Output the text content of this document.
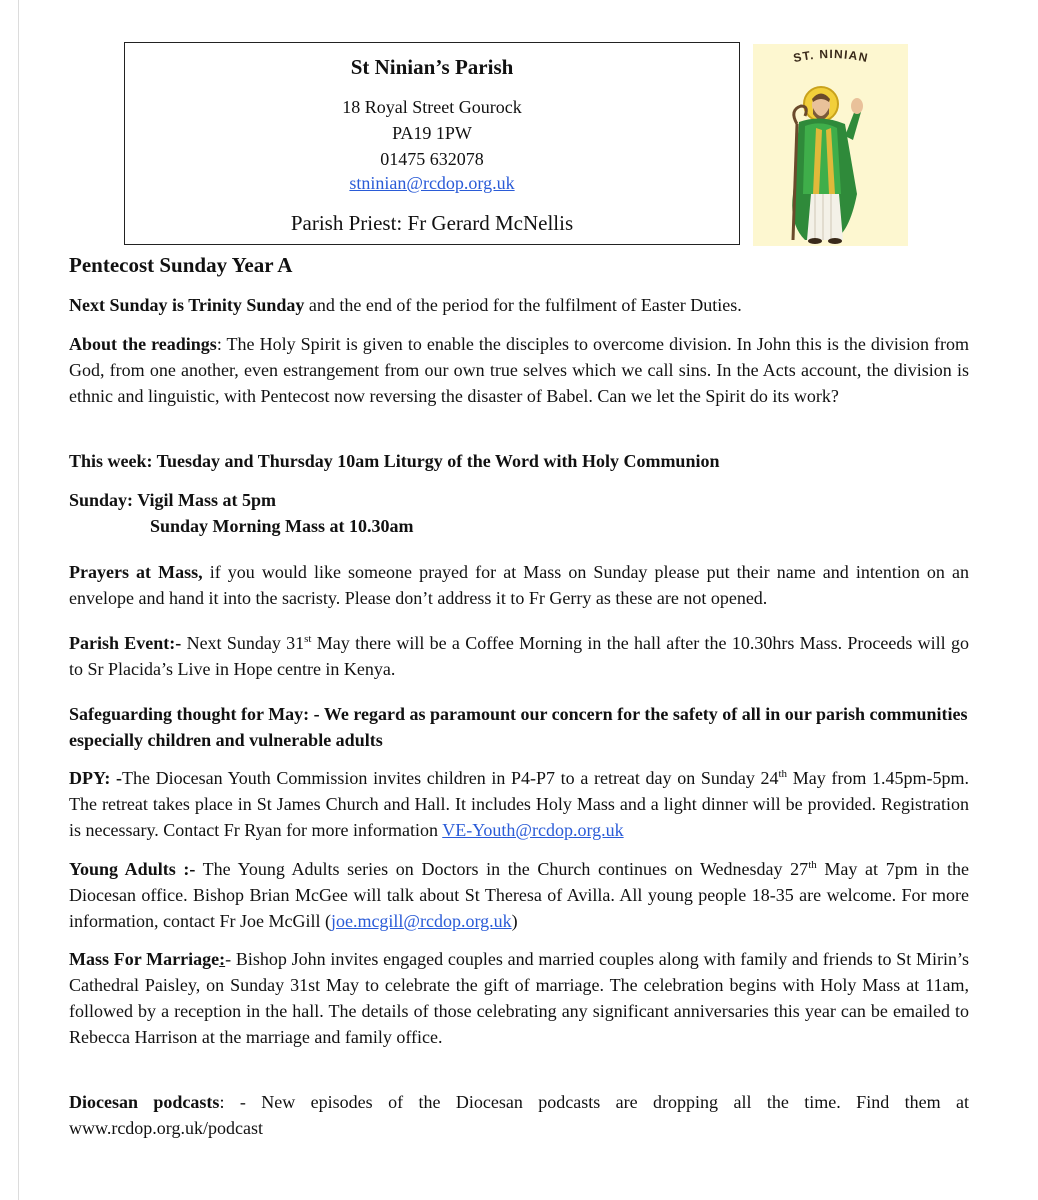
St Ninian’s Parish
18 Royal Street Gourock
PA19 1PW
01475 632078
stninian@rcdop.org.uk
Parish Priest: Fr Gerard McNellis
ST. NINIAN
Pentecost Sunday Year A
Next Sunday is Trinity Sunday and the end of the period for the fulfilment of Easter Duties.
About the readings: The Holy Spirit is given to enable the disciples to overcome division. In John this is the division from God, from one another, even estrangement from our own true selves which we call sins. In the Acts account, the division is ethnic and linguistic, with Pentecost now reversing the disaster of Babel. Can we let the Spirit do its work?
This week: Tuesday and Thursday 10am Liturgy of the Word with Holy Communion
Sunday: Vigil Mass at 5pm
Sunday Morning Mass at 10.30am
Prayers at Mass, if you would like someone prayed for at Mass on Sunday please put their name and intention on an envelope and hand it into the sacristy. Please don’t address it to Fr Gerry as these are not opened.
Parish Event:- Next Sunday 31st May there will be a Coffee Morning in the hall after the 10.30hrs Mass. Proceeds will go to Sr Placida’s Live in Hope centre in Kenya.
Safeguarding thought for May: - We regard as paramount our concern for the safety of all in our parish communities especially children and vulnerable adults
DPY: -The Diocesan Youth Commission invites children in P4-P7 to a retreat day on Sunday 24th May from 1.45pm-5pm. The retreat takes place in St James Church and Hall. It includes Holy Mass and a light dinner will be provided. Registration is necessary. Contact Fr Ryan for more information VE-Youth@rcdop.org.uk
Young Adults :- The Young Adults series on Doctors in the Church continues on Wednesday 27th May at 7pm in the Diocesan office. Bishop Brian McGee will talk about St Theresa of Avilla. All young people 18-35 are welcome. For more information, contact Fr Joe McGill (joe.mcgill@rcdop.org.uk)
Mass For Marriage:- Bishop John invites engaged couples and married couples along with family and friends to St Mirin’s Cathedral Paisley, on Sunday 31st May to celebrate the gift of marriage. The celebration begins with Holy Mass at 11am, followed by a reception in the hall. The details of those celebrating any significant anniversaries this year can be emailed to Rebecca Harrison at the marriage and family office.
Diocesan podcasts: - New episodes of the Diocesan podcasts are dropping all the time. Find them at www.rcdop.org.uk/podcast
